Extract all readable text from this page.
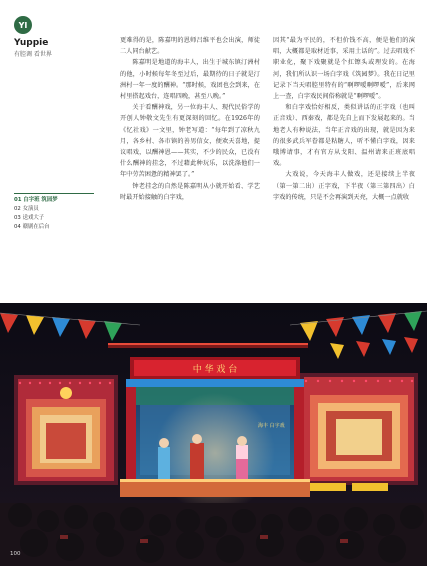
YI
Yuppie
有腔调 看世界
01 白字班 筑园梦
02 女演员
03 送戏大子
04 赣剧在后台

更难得的是，陈嘉明的恩师吕维平也会出演，师徒二人同台献艺。

陈嘉明是地道的海丰人，出生于城东镇汀洲村的他，小时候每年冬至过后，最期待的日子就是汀洲村一年一度的酬神。“那时候，戏团也会到来，在村里搭起戏台，连唱四晚，甚至八晚。”

关于看酬神戏，另一位海丰人、现代民俗学的开创人钟敬文先生有更深刻的回忆。在1926年的《忆社戏》一文里，钟老写道：“每年到了凉秋九月，各乡村、各市镇的善男信女，便欢天喜地，提议唱戏，以酬神恩——其实，不少的民众，已没有什么酬神的挂念，不过藉此种玩乐，以洗涤他们一年中劳苦困惫的精神罢了。”

钟老挂念的自然是陈嘉明从小就开始看、学艺时最开始接触的白字戏，

因其“最为平民的，不但价钱不高，便是他们的演唱，大概都是取材近事，采用土话的”。过去唱戏不职业化，聚下戏聚就是个扛镲头或理发的。在海河，我们所认识一场白字戏《筑园梦》。我在日记里记录下当天唱腔里特有的“啊啰嗳啊啰嗳”，后来网上一查，白字戏民间俗称就是“啊啰嗳”。

和白字戏恰好相反，类似讲话的正字戏（也叫正音戏）、西秦戏，都是先自上而下发展起来的。当地老人有种说法，当年正音戏的出现，就是因为来的很多武兵军眷都是粘糖人，听不懂白字戏，因来哦博请事，才有官方从戈阳、温州请来正班底唱戏。

大戏说，今天海丰人做戏，还是接续上半夜（第一第二出）正字戏，下半夜（第三第四出）白字戏的传统，只是不会再演到天亮，大概一点就收

中 华 戏 台
海丰 白字戏
100
